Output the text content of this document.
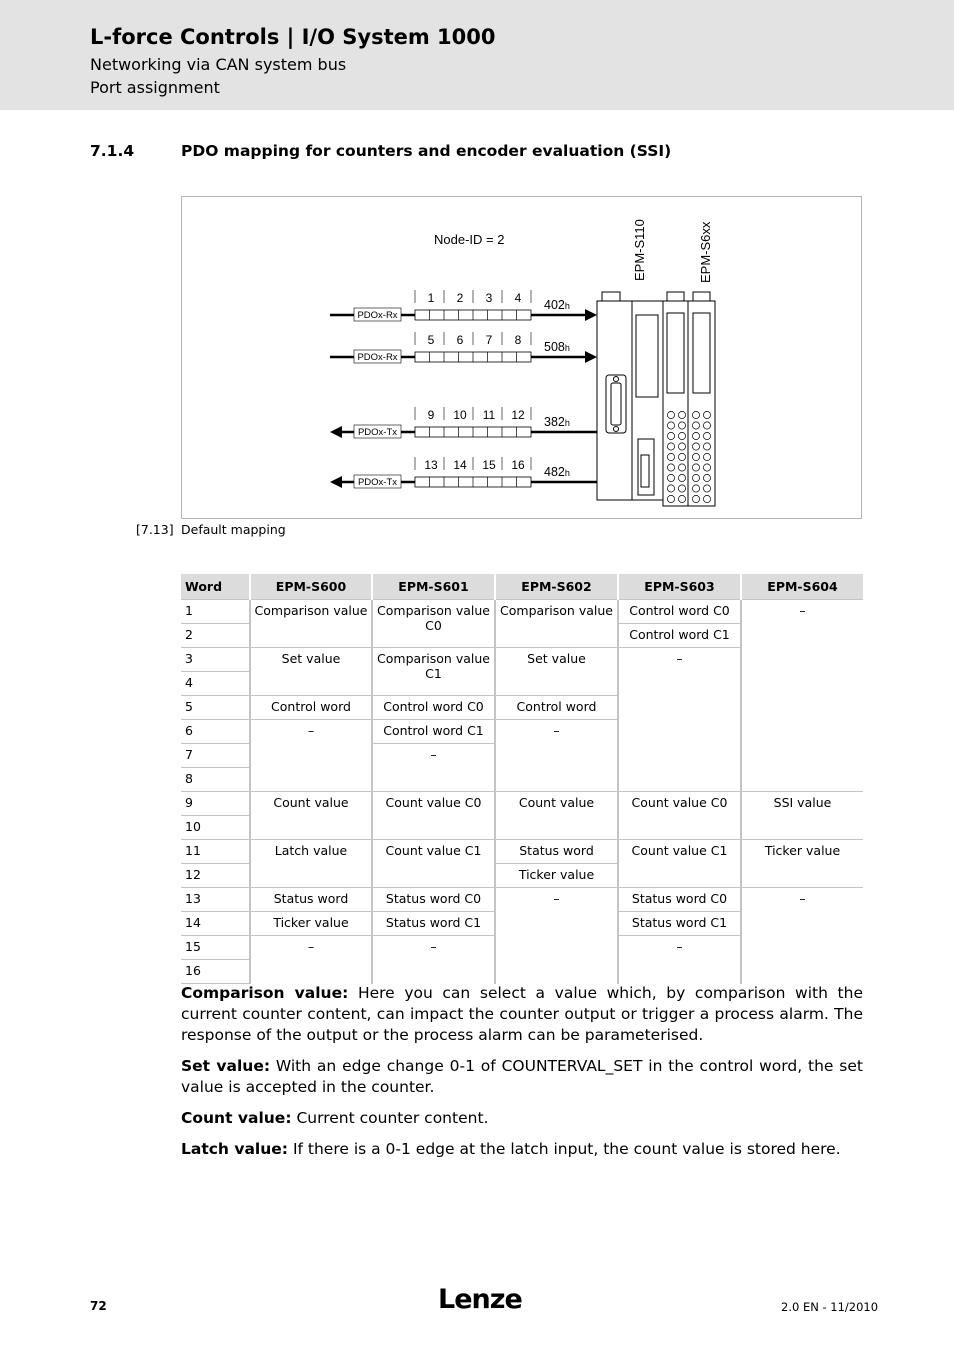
L-force Controls | I/O System 1000
Networking via CAN system bus
Port assignment
7.1.4	PDO mapping for counters and encoder evaluation (SSI)
Node-ID = 2	EPM-S110	EPM-S6xx
1 2 3 4
PDOx-Rx
402h
5 6 7 8
PDOx-Rx
508h
9 10 11 12
PDOx-Tx
382h
13 14 15 16
PDOx-Tx
482h
[7.13] Default mapping
Word	EPM-S600	EPM-S601	EPM-S602	EPM-S603	EPM-S604
1	Comparison value	Comparison value C0	Comparison value	Control word C0	–
2				Control word C1	
3	Set value	Comparison value C1	Set value	–	
4					
5	Control word	Control word C0	Control word		
6	–	Control word C1	–		
7		–			
8					
9	Count value	Count value C0	Count value	Count value C0	SSI value
10					
11	Latch value	Count value C1	Status word	Count value C1	Ticker value
12			Ticker value		
13	Status word	Status word C0	–	Status word C0	–
14	Ticker value	Status word C1		Status word C1	
15	–	–		–	
16					

Comparison value: Here you can select a value which, by comparison with the current counter content, can impact the counter output or trigger a process alarm. The response of the output or the process alarm can be parameterised.

Set value: With an edge change 0-1 of COUNTERVAL_SET in the control word, the set value is accepted in the counter.

Count value: Current counter content.

Latch value: If there is a 0-1 edge at the latch input, the count value is stored here.

72	Lenze	2.0 EN - 11/2010
